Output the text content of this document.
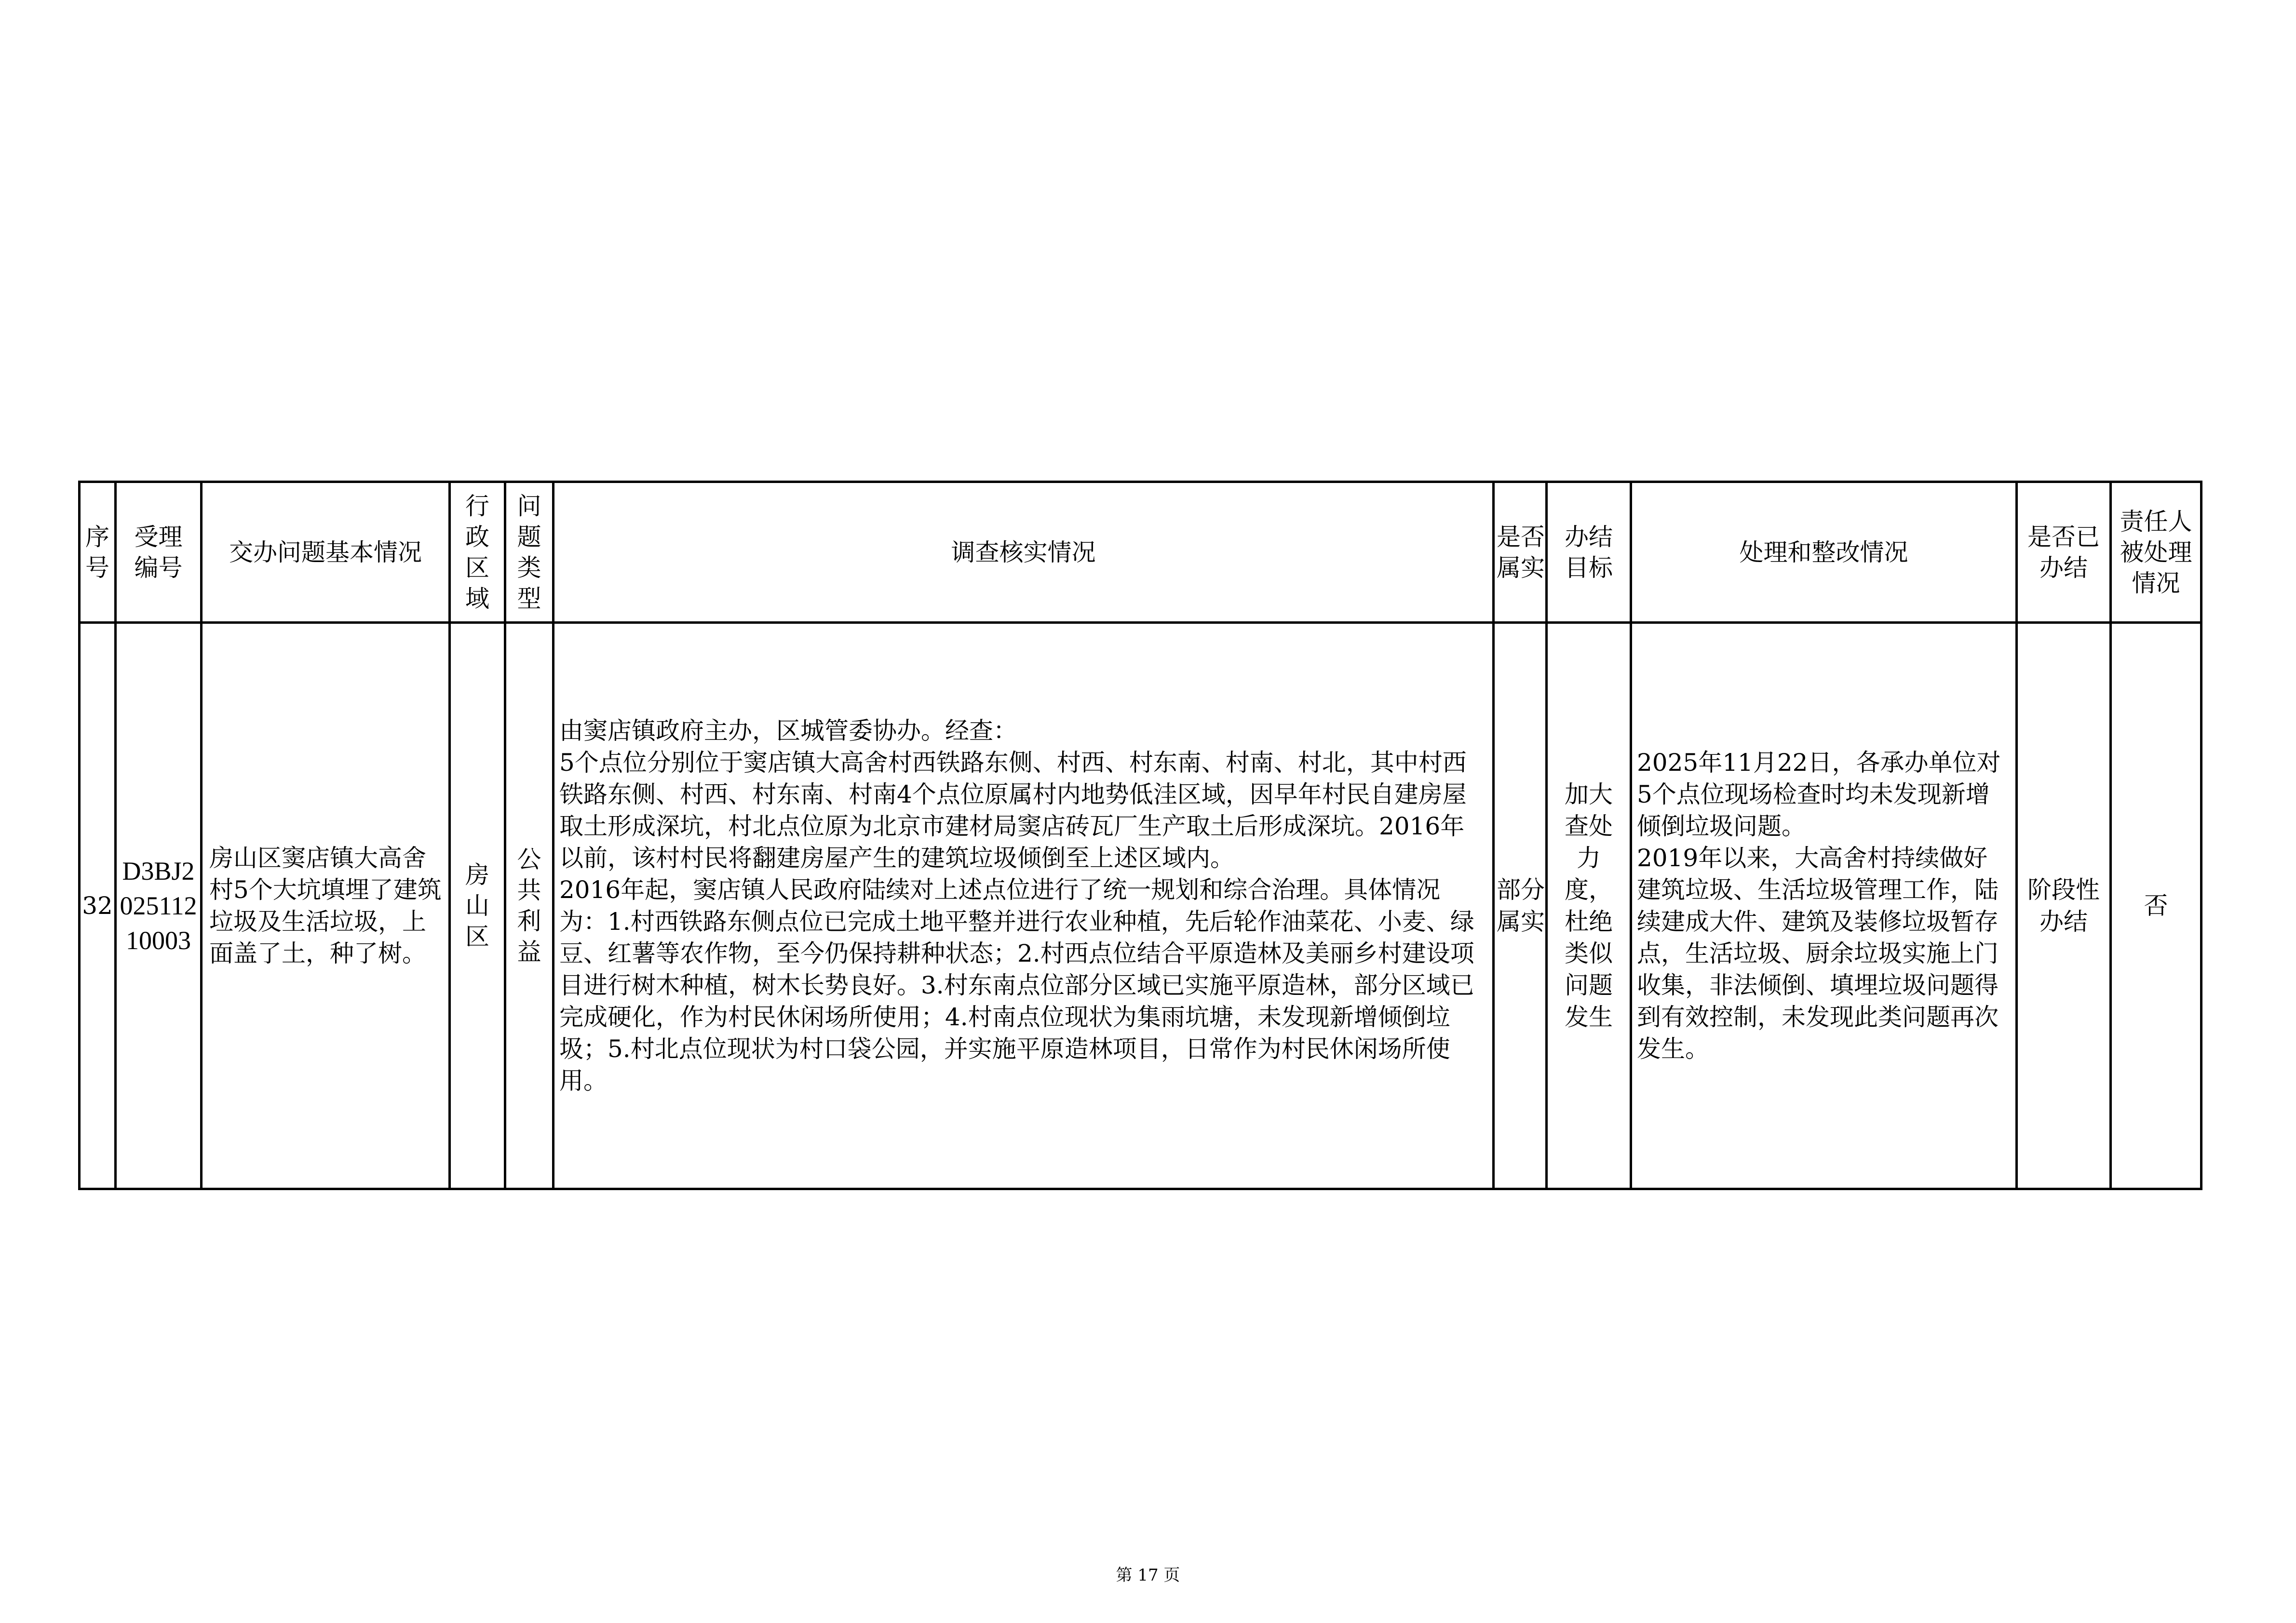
序号	受理编号	交办问题基本情况	行政区域	问题类型	调查核实情况	是否属实	办结目标	处理和整改情况	是否已办结	责任人被处理情况
32	D3BJ202511210003	房山区窦店镇大高舍村5个大坑填埋了建筑垃圾及生活垃圾，上面盖了土，种了树。	房山区	公共利益	由窦店镇政府主办，区城管委协办。经查：
5个点位分别位于窦店镇大高舍村西铁路东侧、村西、村东南、村南、村北，其中村西铁路东侧、村西、村东南、村南4个点位原属村内地势低洼区域，因早年村民自建房屋取土形成深坑，村北点位原为北京市建材局窦店砖瓦厂生产取土后形成深坑。2016年以前，该村村民将翻建房屋产生的建筑垃圾倾倒至上述区域内。
2016年起，窦店镇人民政府陆续对上述点位进行了统一规划和综合治理。具体情况为：1.村西铁路东侧点位已完成土地平整并进行农业种植，先后轮作油菜花、小麦、绿豆、红薯等农作物，至今仍保持耕种状态；2.村西点位结合平原造林及美丽乡村建设项目进行树木种植，树木长势良好。3.村东南点位部分区域已实施平原造林，部分区域已完成硬化，作为村民休闲场所使用；4.村南点位现状为集雨坑塘，未发现新增倾倒垃圾；5.村北点位现状为村口袋公园，并实施平原造林项目，日常作为村民休闲场所使用。	部分属实	加大查处力度，杜绝类似问题发生	2025年11月22日，各承办单位对5个点位现场检查时均未发现新增倾倒垃圾问题。
2019年以来，大高舍村持续做好建筑垃圾、生活垃圾管理工作，陆续建成大件、建筑及装修垃圾暂存点，生活垃圾、厨余垃圾实施上门收集，非法倾倒、填埋垃圾问题得到有效控制，未发现此类问题再次发生。	阶段性办结	否
第 17 页
